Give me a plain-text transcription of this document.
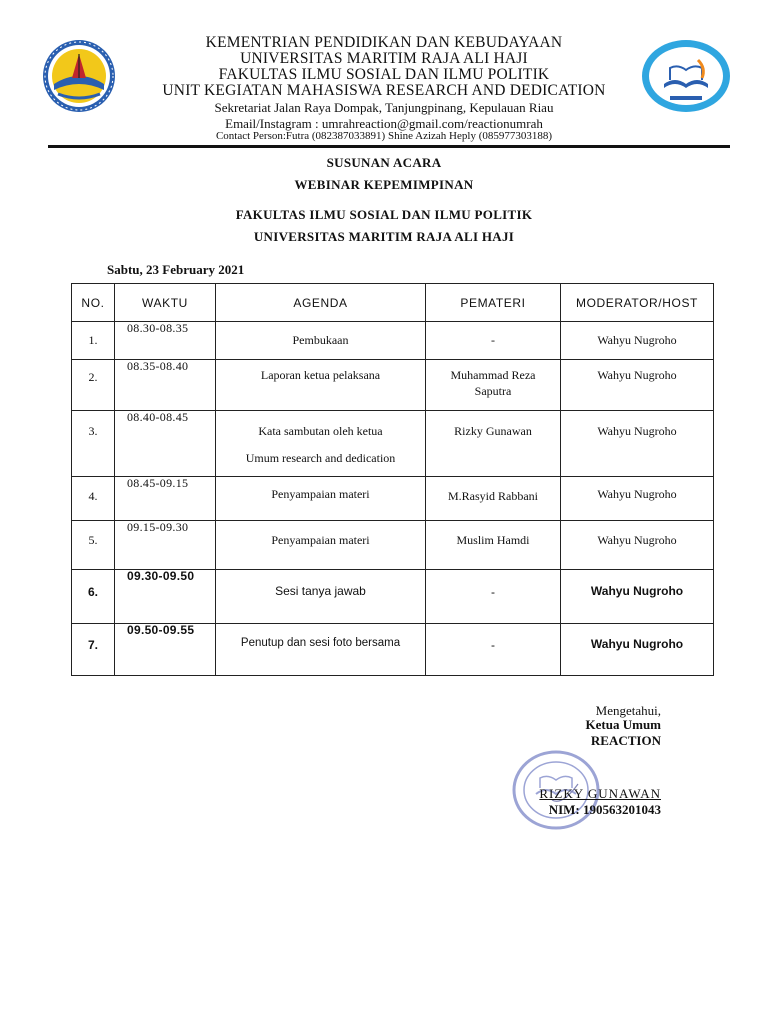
KEMENTRIAN PENDIDIKAN DAN KEBUDAYAAN
UNIVERSITAS MARITIM RAJA ALI HAJI
FAKULTAS ILMU SOSIAL DAN ILMU POLITIK
UNIT KEGIATAN MAHASISWA RESEARCH AND DEDICATION
Sekretariat Jalan Raya Dompak, Tanjungpinang, Kepulauan Riau
Email/Instagram : umrahreaction@gmail.com/reactionumrah
Contact Person:Futra (082387033891) Shine Azizah Heply (085977303188)
SUSUNAN ACARA
WEBINAR KEPEMIMPINAN
FAKULTAS ILMU SOSIAL DAN ILMU POLITIK
UNIVERSITAS MARITIM RAJA ALI HAJI
Sabtu, 23 February 2021
NO.	WAKTU	AGENDA	PEMATERI	MODERATOR/HOST

1.	08.30-08.35	Pembukaan	-	Wahyu Nugroho

2.	08.35-08.40	Laporan ketua pelaksana	Muhammad Reza
Saputra	Wahyu Nugroho

3.	08.40-08.45	Kata sambutan oleh ketua
Umum research and dedication	Rizky Gunawan	Wahyu Nugroho

4.	08.45-09.15	Penyampaian materi	M.Rasyid Rabbani	Wahyu Nugroho

5.	09.15-09.30	Penyampaian materi	Muslim Hamdi	Wahyu Nugroho

6.	09.30-09.50	Sesi tanya jawab	-	Wahyu Nugroho

7.	09.50-09.55	Penutup dan sesi foto bersama	-	Wahyu Nugroho
Mengetahui,
Ketua Umum
REACTION
RIZKY GUNAWAN
NIM: 190563201043
